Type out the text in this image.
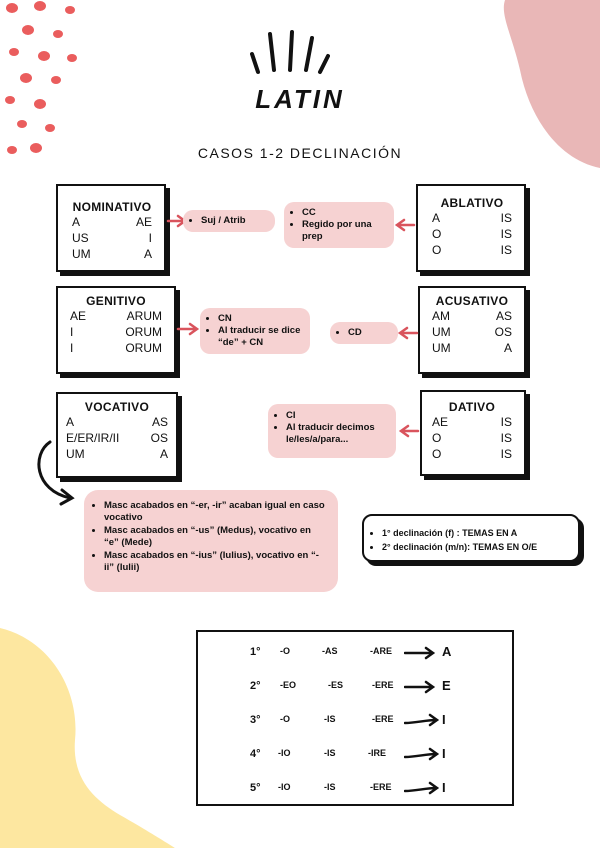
LATIN
CASOS 1-2 DECLINACIÓN
NOMINATIVO
A	AE
US	I
UM	A
• Suj / Atrib
ABLATIVO
A	IS
O	IS
O	IS
• CC
• Regido por una prep
GENITIVO
AE	ARUM
I	ORUM
I	ORUM
• CN
• Al traducir se dice “de” + CN
ACUSATIVO
AM	AS
UM	OS
UM	A
• CD
VOCATIVO
A	AS
E/ER/IR/II	OS
UM	A
• Masc acabados en “-er, -ir” acaban igual en caso vocativo
• Masc acabados en “-us” (Medus), vocativo en “e” (Mede)
• Masc acabados en “-ius” (Iulius), vocativo en “-ii” (Iulii)
DATIVO
AE	IS
O	IS
O	IS
• CI
• Al traducir decimos le/les/a/para...
• 1° declinación (f) : TEMAS EN A
• 2° declinación (m/n): TEMAS EN O/E
1° -O	-AS	-ARE	A
2° -EO	-ES	-ERE	E
3° -O	-IS	-ERE	I
4° -IO	-IS	-IRE	I
5° -IO	-IS	-ERE	I
